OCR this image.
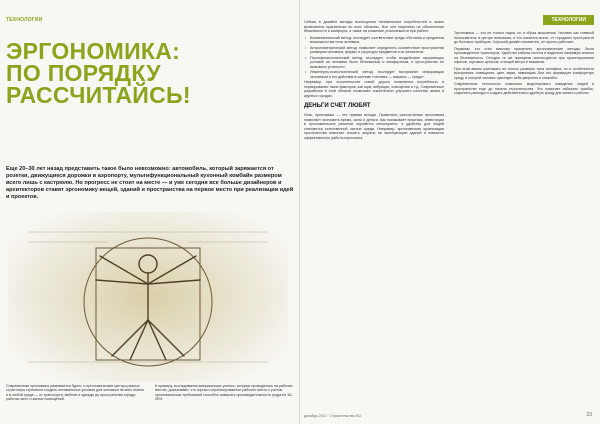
ТЕХНОЛОГИИ
ЭРГОНОМИКА: ПО ПОРЯДКУ РАССЧИТАЙСЬ!
Еще 20–30 лет назад представить такое было невозможно: автомобиль, который заряжается от розетки, движущиеся дорожки в аэропорту, мультифункциональный кухонный комбайн размером всего лишь с кастрюлю. Но прогресс не стоит на месте — и уже сегодня все больше дизайнеров и архитекторов ставят эргономику вещей, зданий и пространства на первое место при реализации идей и проектов.

Современная эргономика развивается бурно, и ергономические центры разных стран мира стремятся создать оптимальные условия для человека на всех этапах и в любой среде — от транспорта, мебели и одежды до пространства города, рабочих мест и жилых помещений.

К примеру, исследования американских ученых, которые проводились на рабочих местах, доказывают, что хорошо спроектированное рабочее место с учетом эргономических требований способно повысить производительность труда на 15–25%.

ТЕХНОЛОГИИ

Сейчас в дизайне методы воплощения человеческих потребностей в жизнь включаются практически во всех областях. Все они нацелены на обеспечение безопасности и комфорта, а также на снижение утомляемости при работе.

• Биомеханический метод: исследует соответствие среды обитания и предметов возможностям тела человека.
• Антропометрический метод: позволяет определять соответствие пространства размерам человека, формы и структуры предметов и их элементов.
• Психофизиологический метод: исследует, чтобы воздействие окружающих условий на человека было безопасным и комфортным, и пространство не вызывало усталости.
• Инженерно-психологический метод: исследует восприятие информации человеком и его действия в системе «человек — машина — среда».

Например, при строительстве новой дороги появляется потребность в нормировании таких факторов, как шум, вибрация, освещение и т.д. Современные разработки в этой области позволяют значительно улучшить качество жизни в крупных городах.

ДЕНЬГИ СЧЕТ ЛЮБЯТ

Итак, эргономика — это прямая выгода. Правильно рассчитанная эргономика позволяет экономить время, силы и деньги. Как показывает практика, инвестиции в эргономическое решение окупаются многократно, а удобство для людей становится естественной частью среды. Например, эргономичная организация пространства помогает снизить затраты на эксплуатацию зданий и повысить эффективность работы персонала.

Эргономика — это не только наука, но и образ мышления. Человек как главный пользователь в центре внимания, и это касается всего: от городских пространств до бытовых приборов. Хороший дизайн незаметен, он просто работает.

Первыми, кто стал массово применять эргономические методы, были производители транспорта. Удобство кабины пилота и водителя напрямую влияло на безопасность. Сегодня те же принципы используются при проектировании офисов, торговых центров, станций метро и вокзалов.

При этом важно учитывать не только размеры тела человека, но и особенности восприятия: освещение, цвет, звуки, навигацию. Все это формирует комфортную среду, в которой человек чувствует себя уверенно и спокойно.

Современные технологии позволяют моделировать поведение людей в пространстве еще до начала строительства. Это помогает избежать ошибок, сократить расходы и создать действительно удобную среду для жизни и работы.

декабрь 2013 · Строительство.RU	23
